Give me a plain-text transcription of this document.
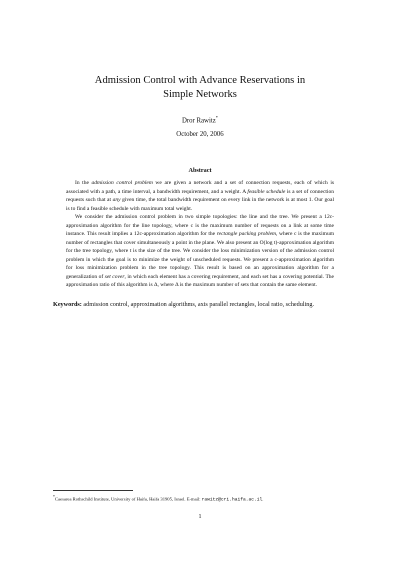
Admission Control with Advance Reservations in
Simple Networks
Dror Rawitz*
October 20, 2006
Abstract

In the admission control problem we are given a network and a set of connection requests, each of which is associated with a path, a time interval, a bandwidth requirement, and a weight. A feasible schedule is a set of connection requests such that at any given time, the total bandwidth requirement on every link in the network is at most 1. Our goal is to find a feasible schedule with maximum total weight.

We consider the admission control problem in two simple topologies: the line and the tree. We present a 12c-approximation algorithm for the line topology, where c is the maximum number of requests on a link at some time instance. This result implies a 12c-approximation algorithm for the rectangle packing problem, where c is the maximum number of rectangles that cover simultaneously a point in the plane. We also present an O(log t)-approximation algorithm for the tree topology, where t is the size of the tree. We consider the loss minimization version of the admission control problem in which the goal is to minimize the weight of unscheduled requests. We present a c-approximation algorithm for loss minimization problem in the tree topology. This result is based on an approximation algorithm for a generalization of set cover, in which each element has a covering requirement, and each set has a covering potential. The approximation ratio of this algorithm is Δ, where Δ is the maximum number of sets that contain the same element.

Keywords: admission control, approximation algorithms, axis parallel rectangles, local ratio, scheduling.
*Caesarea Rothschild Institute, University of Haifa, Haifa 31905, Israel. E-mail: rawitz@cri.haifa.ac.il.
1
